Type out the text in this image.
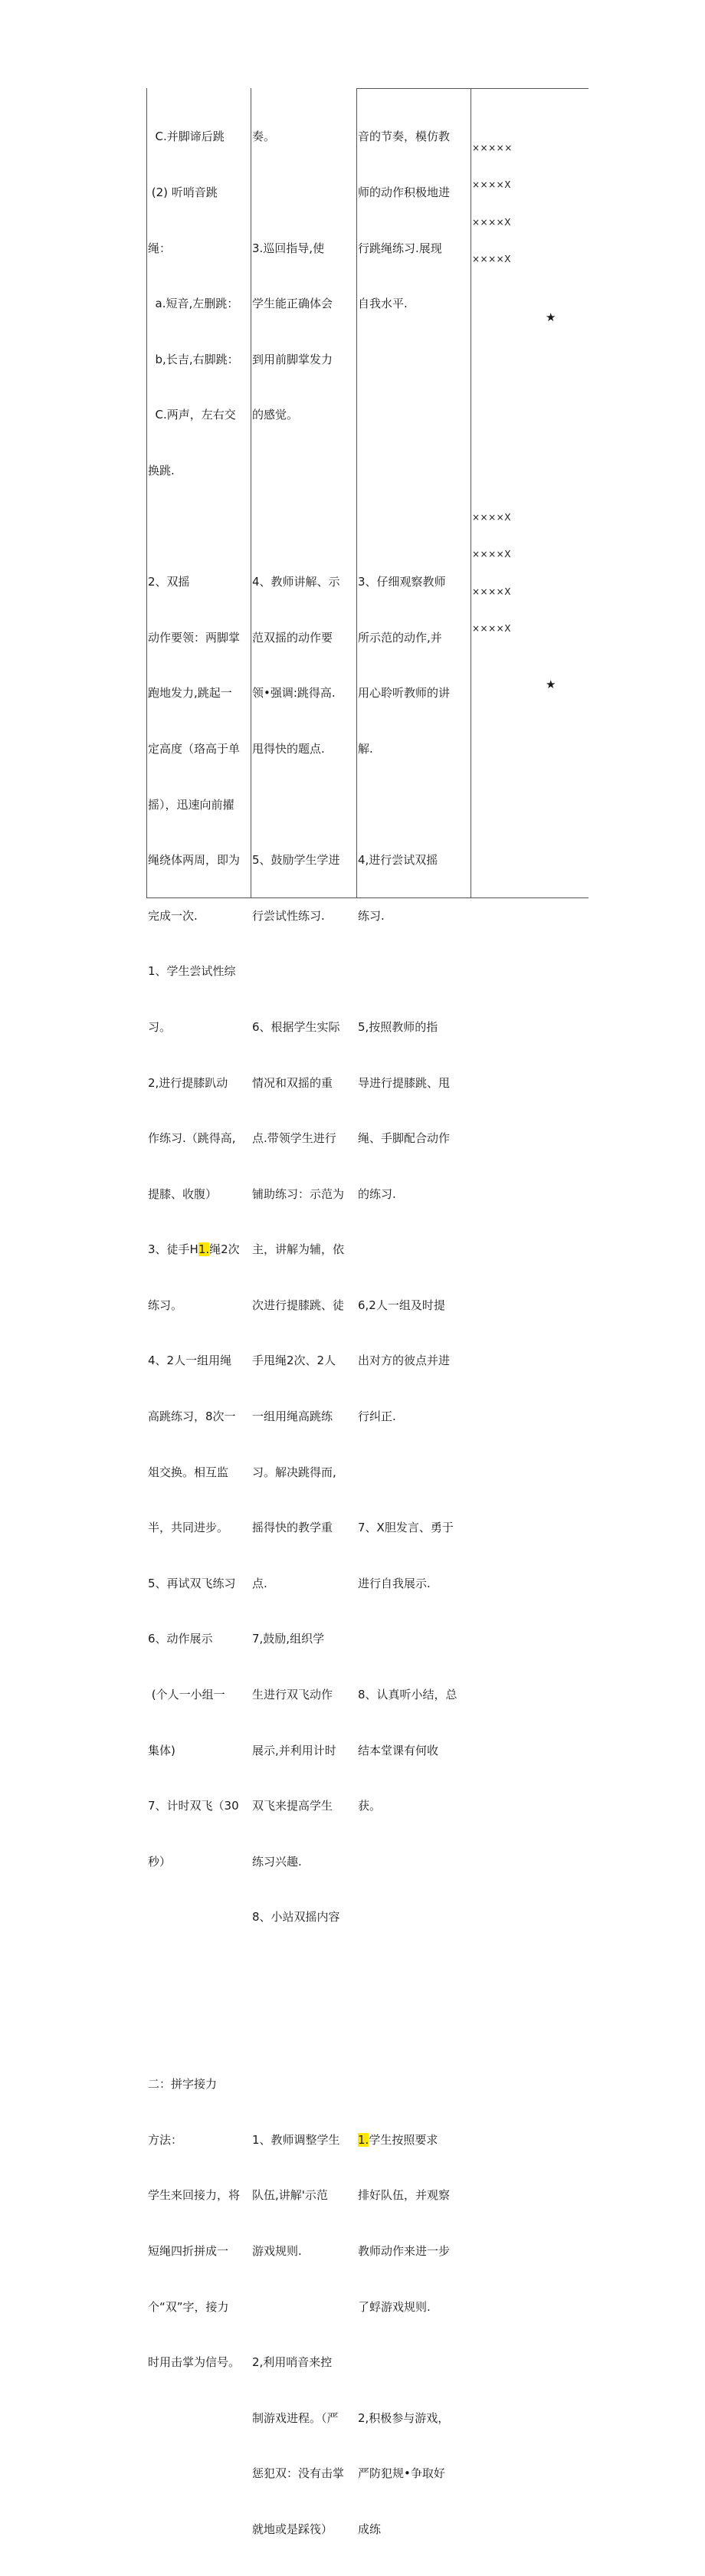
C.并脚谛后跳

(2) 听哨音跳

绳：

a.短音,左删跳：

b,长吉,右脚跳：

C.两声，左右交

换跳.

2、双摇

动作要领：两脚掌

跑地发力,跳起一

定高度（珞高于单

摇），迅速向前擢

绳绕体两周，即为

完成一次.

1、学生尝试性综

习。

2,进行提膝趴动

作练习.（跳得高,

提膝、收腹）

3、徒手H1.绳2次

练习。

4、2人一组用绳

高跳练习，8次一

俎交换。相互监

半，共同进步。

5、再试双飞练习

6、动作展示

(个人一小组一

集体)

7、计时双飞（30

秒）

二：拼字接力

方法：

学生来回接力，将

短绳四折拼成一

个“双”字，接力

时用击掌为信号。

奏。

3.巡回指导,使

学生能正确体会

到用前脚掌发力

的感觉。

4、教师讲解、示

范双摇的动作要

领•强调:跳得高.

甩得快的题点.

5、鼓励学生学进

行尝试性练习.

6、根据学生实际

情况和双摇的重

点.带领学生进行

铺助练习：示范为

主，讲解为辅，依

次进行提膝跳、徒

手甩绳2次、2人

一组用绳高跳练

习。解决跳得而,

摇得快的教学重

点.

7,鼓励,组织学

生进行双飞动作

展示,并利用计时

双飞来提高学生

练习兴趣.

8、小站双摇内容

1、教师调整学生

队伍,讲解'示范

游戏规则.

2,利用哨音来控

制游戏进程。（严

惩犯双：没有击掌

就地或是踩筏）

音的节奏，模仿教

师的动作积极地进

行跳绳练习.展现

自我水平.

3、仔细观察教师

所示范的动作,并

用心聆听教师的讲

解.

4,进行尝试双摇

练习.

5,按照教师的指

导进行提膝跳、甩

绳、手脚配合动作

的练习.

6,2人一组及时提

出对方的彼点并进

行纠正.

7、X胆发言、勇于

进行自我展示.

8、认真听小结，总

结本堂课有何收

获。

1.学生按照要求

排好队伍，并观察

教师动作来进一步

了蜉游戏规则.

2,积极参与游戏，

严防犯规•争取好

成练

×××××
××××X
××××X
××××X
★
××××X
××××X
××××X
××××X
★
